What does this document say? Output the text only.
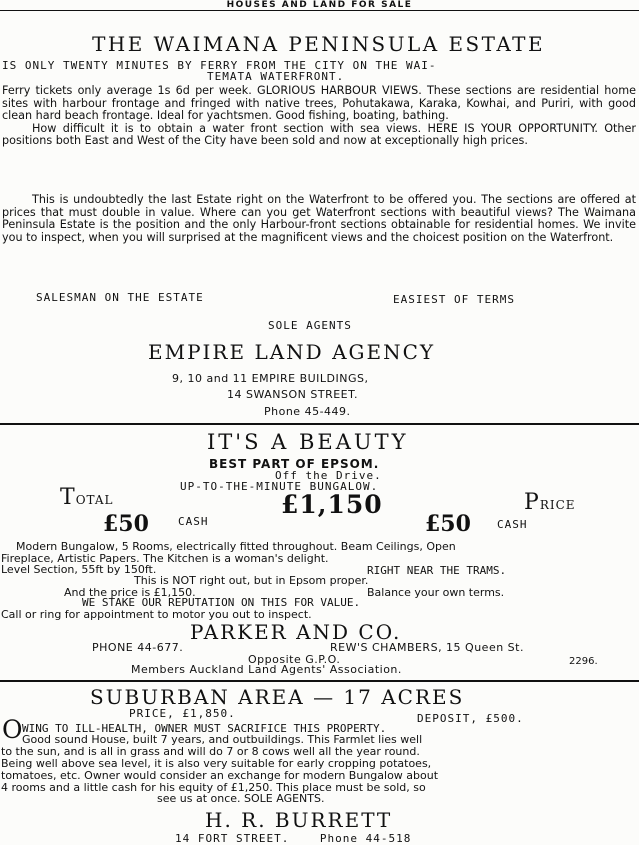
HOUSES AND LAND FOR SALE
THE WAIMANA PENINSULA ESTATE
IS ONLY TWENTY MINUTES BY FERRY FROM THE CITY ON THE WAI-
TEMATA WATERFRONT.

Ferry tickets only average 1s 6d per week. GLORIOUS HARBOUR VIEWS. These sections are residential home sites with harbour frontage and fringed with native trees, Pohutakawa, Karaka, Kowhai, and Puriri, with good clean hard beach frontage. Ideal for yachtsmen. Good fishing, boating, bathing.

How difficult it is to obtain a water front section with sea views. HERE IS YOUR OPPORTUNITY. Other positions both East and West of the City have been sold and now at exceptionally high prices.

This is undoubtedly the last Estate right on the Waterfront to be offered you. The sections are offered at prices that must double in value. Where can you get Waterfront sections with beautiful views? The Waimana Peninsula Estate is the position and the only Harbour-front sections obtainable for residential homes. We invite you to inspect, when you will surprised at the magnificent views and the choicest position on the Waterfront.

SALESMAN ON THE ESTATE	EASIEST OF TERMS
SOLE AGENTS
EMPIRE LAND AGENCY
9, 10 and 11 EMPIRE BUILDINGS,
14 SWANSON STREET.
Phone 45-449.
IT'S A BEAUTY
BEST PART OF EPSOM.
Off the Drive.
UP-TO-THE-MINUTE BUNGALOW.
TOTAL	£1,150	PRICE
£50	CASH	£50 CASH
Modern Bungalow, 5 Rooms, electrically fitted throughout. Beam Ceilings, Open
Fireplace, Artistic Papers. The Kitchen is a woman's delight.
Level Section, 55ft by 150ft.	RIGHT NEAR THE TRAMS.
This is NOT right out, but in Epsom proper.
And the price is £1,150.	Balance your own terms.
WE STAKE OUR REPUTATION ON THIS FOR VALUE.
Call or ring for appointment to motor you out to inspect.
PARKER AND CO.
PHONE 44-677.	REW'S CHAMBERS, 15 Queen St.
Opposite G.P.O.	2296.
Members Auckland Land Agents' Association.
SUBURBAN AREA — 17 ACRES
PRICE, £1,850.	DEPOSIT, £500.
O WING TO ILL-HEALTH, OWNER MUST SACRIFICE THIS PROPERTY.
Good sound House, built 7 years, and outbuildings. This Farmlet lies well
to the sun, and is all in grass and will do 7 or 8 cows well all the year round.
Being well above sea level, it is also very suitable for early cropping potatoes,
tomatoes, etc. Owner would consider an exchange for modern Bungalow about
4 rooms and a little cash for his equity of £1,250. This place must be sold, so
see us at once. SOLE AGENTS.
H. R. BURRETT
14 FORT STREET.	Phone 44-518
